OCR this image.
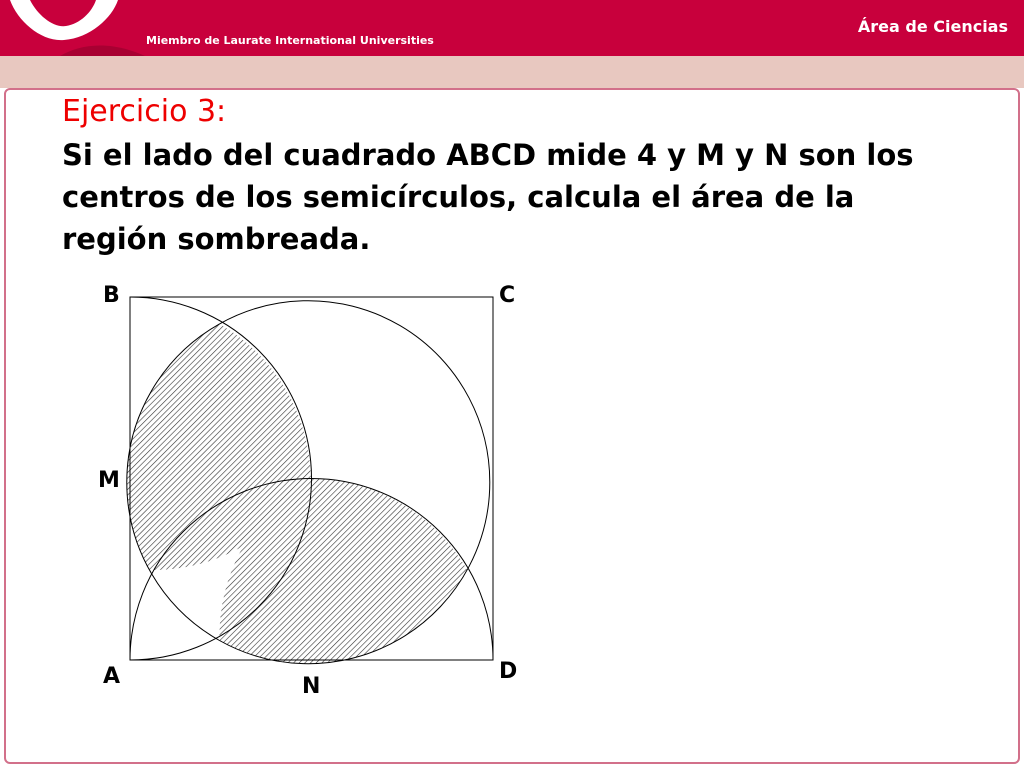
Miembro de Laurate International Universities
Área de Ciencias
Ejercicio 3:
Si el lado del cuadrado ABCD mide 4 y M y N son los
centros de los semicírculos, calcula el área de la
región sombreada.
B	C
M
A	N
D
